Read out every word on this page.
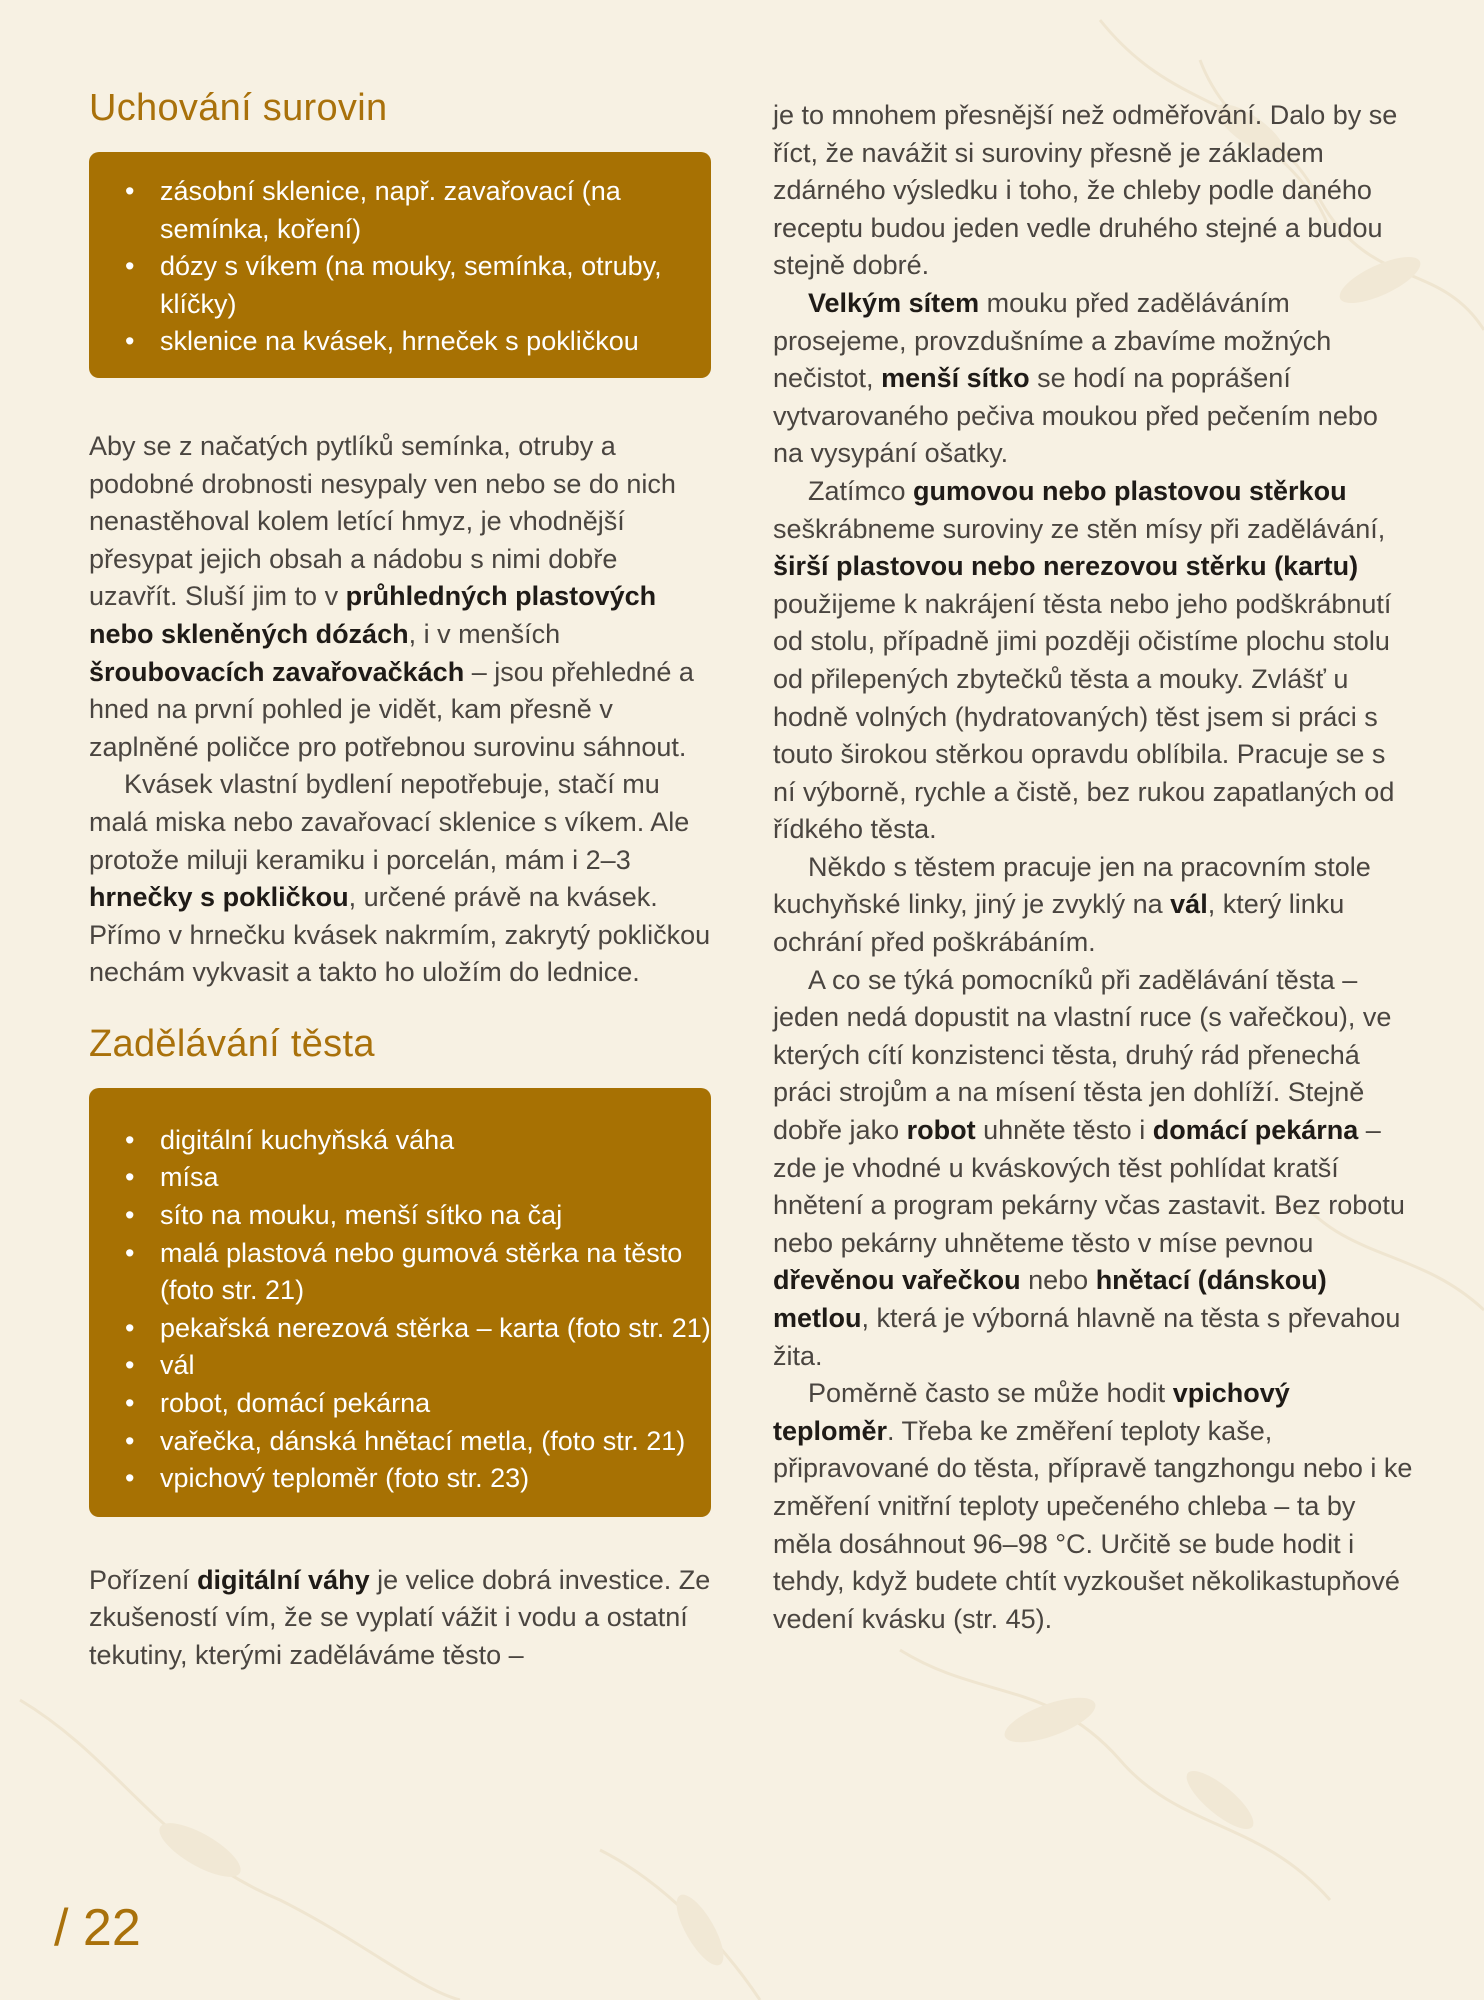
Uchování surovin
• zásobní sklenice, např. zavařovací (na semínka, koření)
• dózy s víkem (na mouky, semínka, otruby, klíčky)
• sklenice na kvásek, hrneček s pokličkou

Aby se z načatých pytlíků semínka, otruby a podobné drobnosti nesypaly ven nebo se do nich nenastěhoval kolem letící hmyz, je vhodnější přesypat jejich obsah a nádobu s nimi dobře uzavřít. Sluší jim to v průhledných plastových nebo skleněných dózách, i v menších šroubovacích zavařovačkách – jsou přehledné a hned na první pohled je vidět, kam přesně v zaplněné poličce pro potřebnou surovinu sáhnout.

Kvásek vlastní bydlení nepotřebuje, stačí mu malá miska nebo zavařovací sklenice s víkem. Ale protože miluji keramiku i porcelán, mám i 2–3 hrnečky s pokličkou, určené právě na kvásek. Přímo v hrnečku kvásek nakrmím, zakrytý pokličkou nechám vykvasit a takto ho uložím do lednice.

Zadělávání těsta
• digitální kuchyňská váha
• mísa
• síto na mouku, menší sítko na čaj
• malá plastová nebo gumová stěrka na těsto (foto str. 21)
• pekařská nerezová stěrka – karta (foto str. 21)
• vál
• robot, domácí pekárna
• vařečka, dánská hnětací metla, (foto str. 21)
• vpichový teploměr (foto str. 23)

Pořízení digitální váhy je velice dobrá investice. Ze zkušeností vím, že se vyplatí vážit i vodu a ostatní tekutiny, kterými zaděláváme těsto –

je to mnohem přesnější než odměřování. Dalo by se říct, že navážit si suroviny přesně je základem zdárného výsledku i toho, že chleby podle daného receptu budou jeden vedle druhého stejné a budou stejně dobré.

Velkým sítem mouku před zaděláváním prosejeme, provzdušníme a zbavíme možných nečistot, menší sítko se hodí na poprášení vytvarovaného pečiva moukou před pečením nebo na vysypání ošatky.

Zatímco gumovou nebo plastovou stěrkou seškrábneme suroviny ze stěn mísy při zadělávání, širší plastovou nebo nerezovou stěrku (kartu) použijeme k nakrájení těsta nebo jeho podškrábnutí od stolu, případně jimi později očistíme plochu stolu od přilepených zbytečků těsta a mouky. Zvlášť u hodně volných (hydratovaných) těst jsem si práci s touto širokou stěrkou opravdu oblíbila. Pracuje se s ní výborně, rychle a čistě, bez rukou zapatlaných od řídkého těsta.

Někdo s těstem pracuje jen na pracovním stole kuchyňské linky, jiný je zvyklý na vál, který linku ochrání před poškrábáním.

A co se týká pomocníků při zadělávání těsta – jeden nedá dopustit na vlastní ruce (s vařečkou), ve kterých cítí konzistenci těsta, druhý rád přenechá práci strojům a na mísení těsta jen dohlíží. Stejně dobře jako robot uhněte těsto i domácí pekárna – zde je vhodné u kváskových těst pohlídat kratší hnětení a program pekárny včas zastavit. Bez robotu nebo pekárny uhněteme těsto v míse pevnou dřevěnou vařečkou nebo hnětací (dánskou) metlou, která je výborná hlavně na těsta s převahou žita.

Poměrně často se může hodit vpichový teploměr. Třeba ke změření teploty kaše, připravované do těsta, přípravě tangzhongu nebo i ke změření vnitřní teploty upečeného chleba – ta by měla dosáhnout 96–98 °C. Určitě se bude hodit i tehdy, když budete chtít vyzkoušet několikastupňové vedení kvásku (str. 45).

/ 22
